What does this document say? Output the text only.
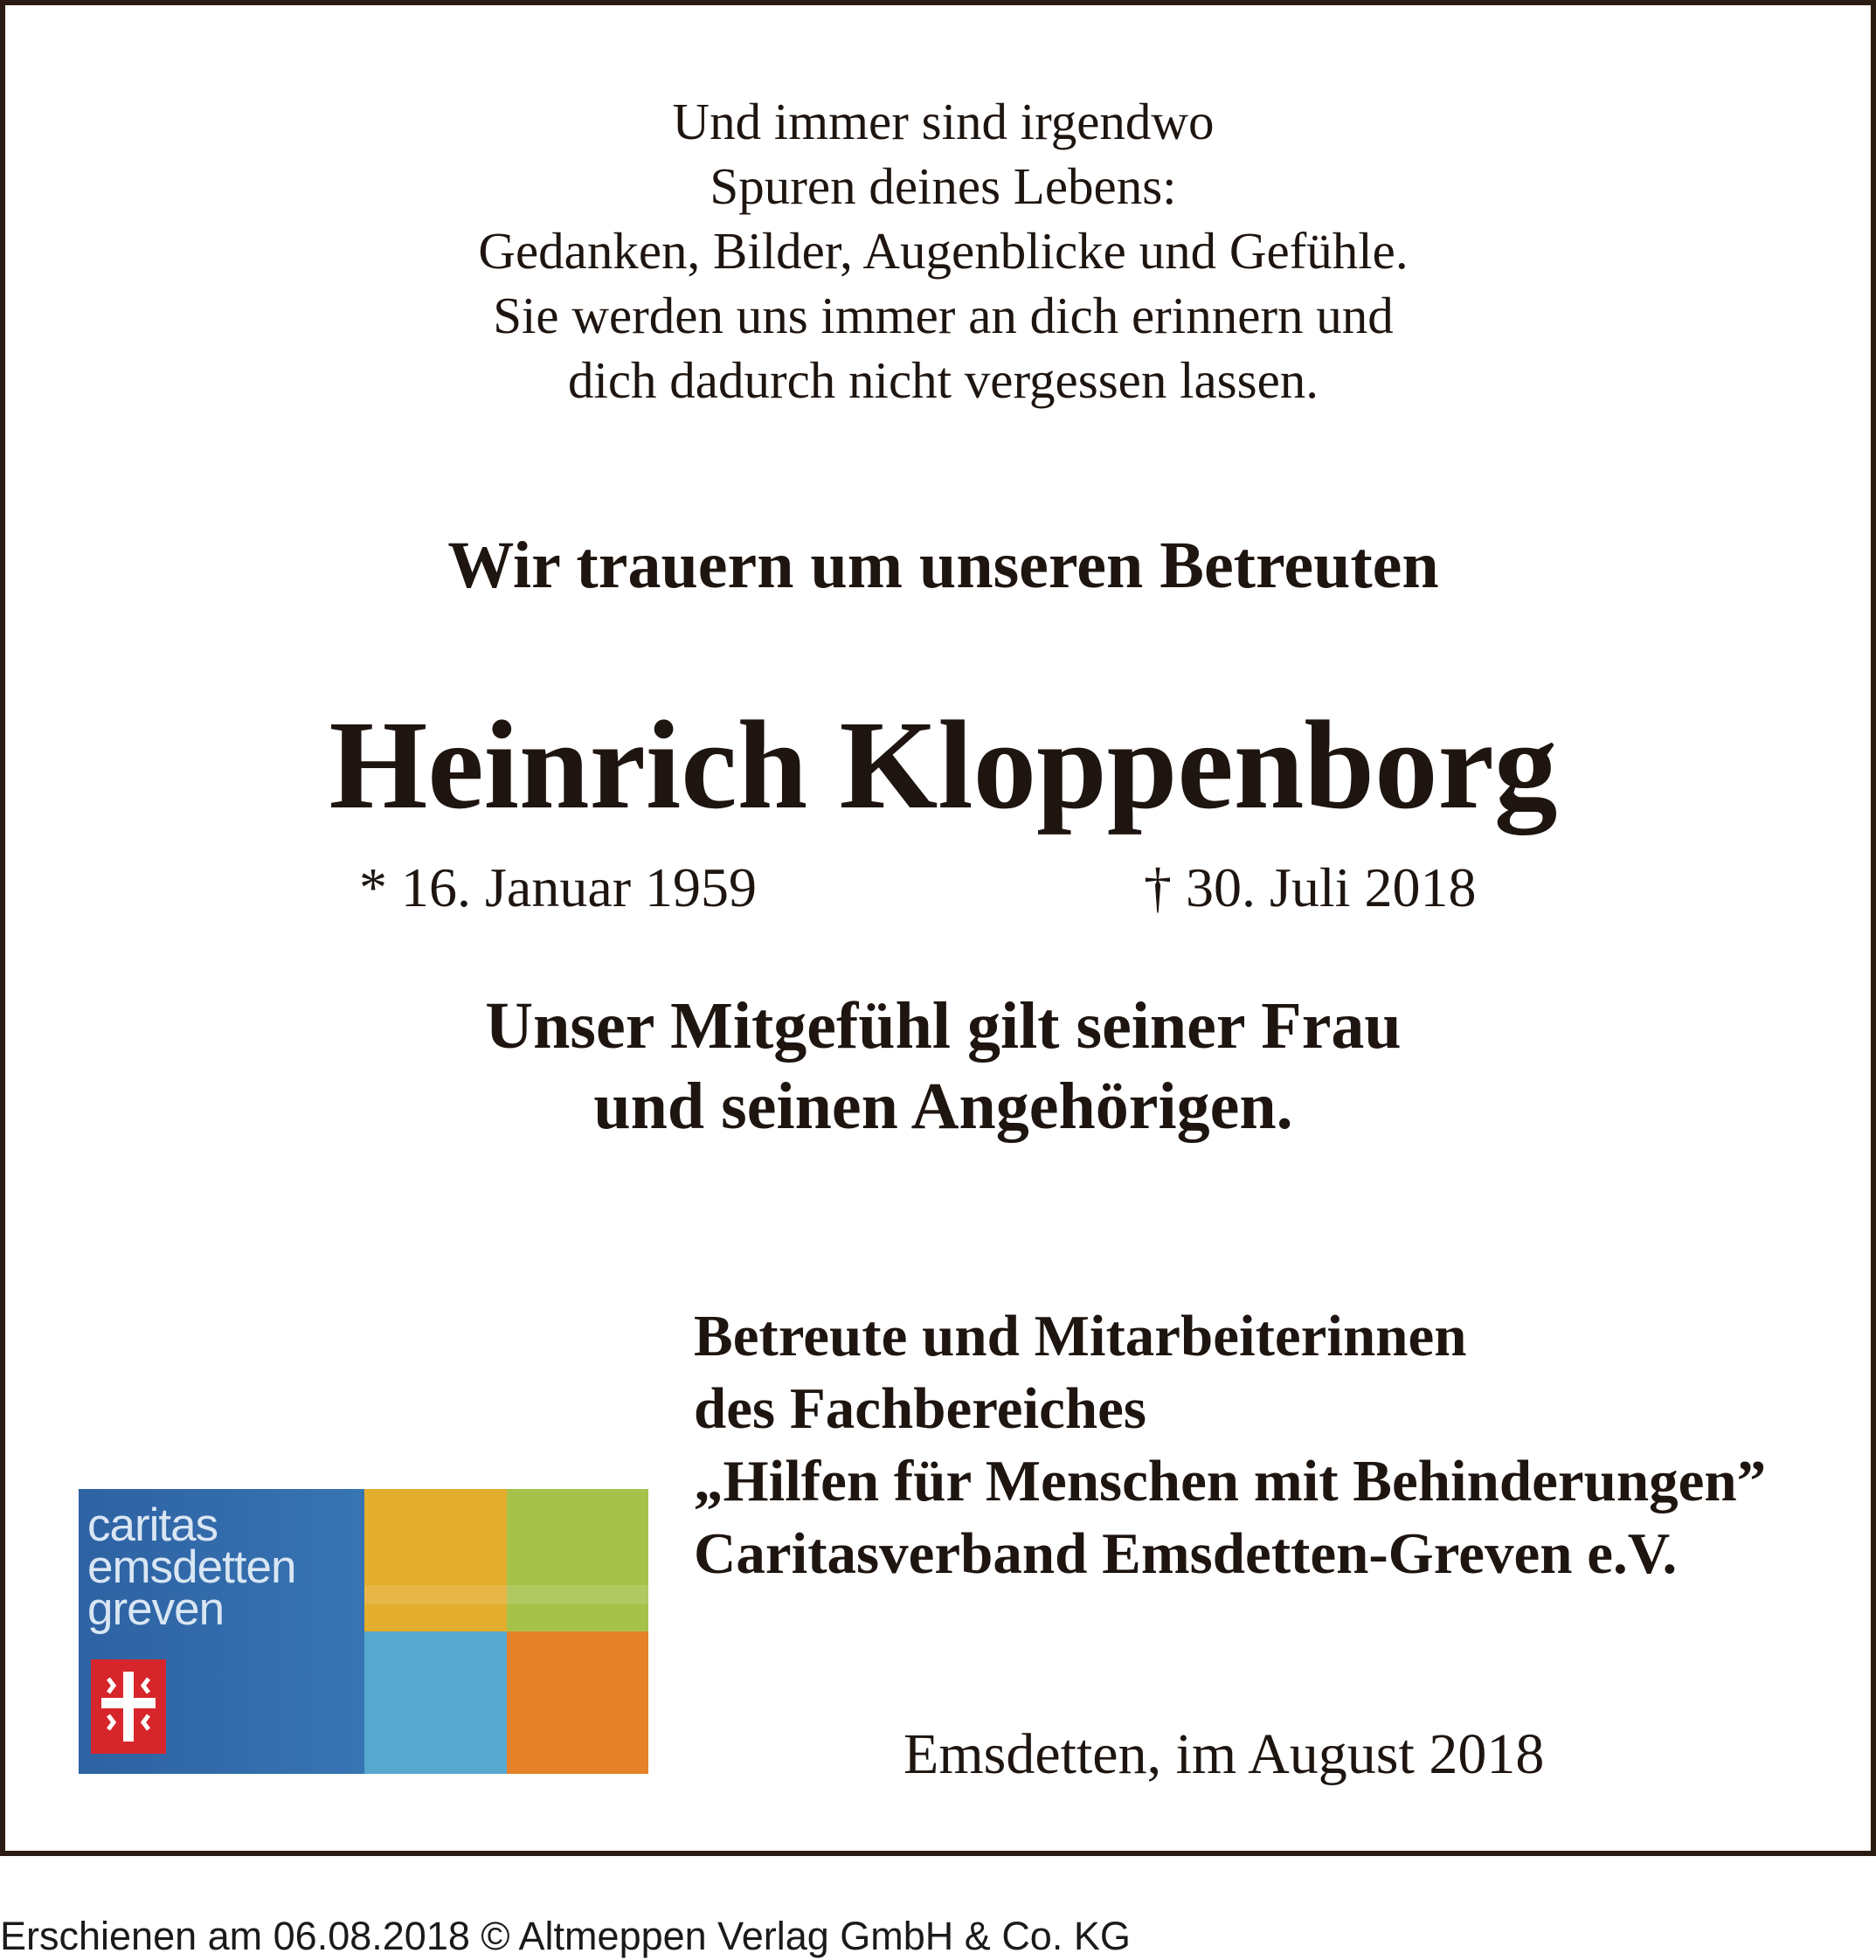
Und immer sind irgendwo
Spuren deines Lebens:
Gedanken, Bilder, Augenblicke und Gefühle.
Sie werden uns immer an dich erinnern und
dich dadurch nicht vergessen lassen.
Wir trauern um unseren Betreuten
Heinrich Kloppenborg
* 16. Januar 1959	† 30. Juli 2018
Unser Mitgefühl gilt seiner Frau
und seinen Angehörigen.
caritas
emsdetten
greven
Betreute und Mitarbeiterinnen
des Fachbereiches
„Hilfen für Menschen mit Behinderungen”
Caritasverband Emsdetten-Greven e.V.
Emsdetten, im August 2018
Erschienen am 06.08.2018 © Altmeppen Verlag GmbH & Co. KG
